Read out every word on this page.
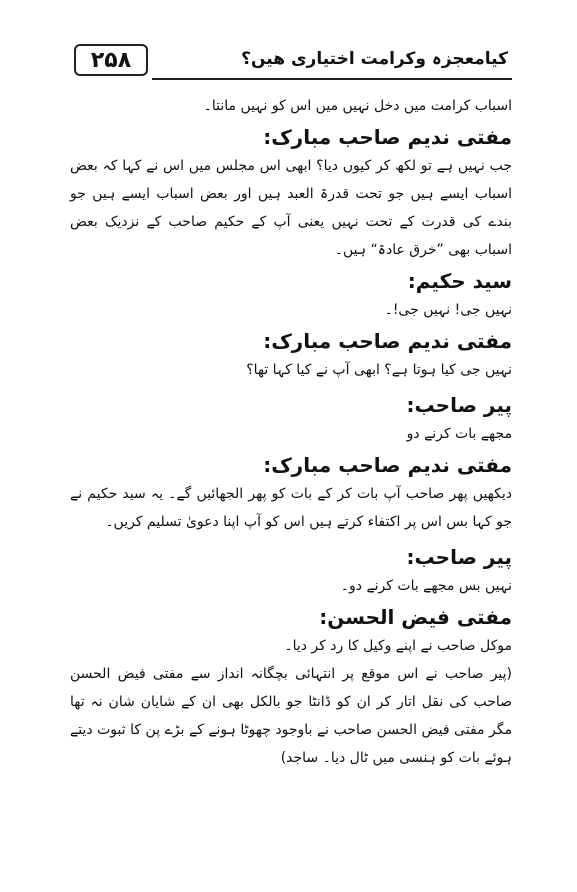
۲۵۸	کیامعجزہ وکرامت اختیاری ھیں؟

اسباب کرامت میں دخل نہیں میں اس کو نہیں مانتا۔

مفتی ندیم صاحب مبارک:

جب نہیں ہے تو لکھ کر کیوں دیا؟ ابھی اس مجلس میں اس نے کہا کہ بعض اسباب ایسے ہیں جو تحت قدرۃ العبد ہیں اور بعض اسباب ایسے ہیں جو بندے کی قدرت کے تحت نہیں یعنی آپ کے حکیم صاحب کے نزدیک بعض اسباب بھی ”خرق عادۃ“ ہیں۔

سید حکیم:

نہیں جی! نہیں جی!۔

مفتی ندیم صاحب مبارک:

نہیں جی کیا ہوتا ہے؟ ابھی آپ نے کیا کہا تھا؟

پیر صاحب:

مجھے بات کرنے دو

مفتی ندیم صاحب مبارک:

دیکھیں پھر صاحب آپ بات کر کے بات کو پھر الجھائیں گے۔ یہ سید حکیم نے جو کہا بس اس پر اکتفاء کرتے ہیں اس کو آپ اپنا دعویٰ تسلیم کریں۔

پیر صاحب:

نہیں بس مجھے بات کرنے دو۔

مفتی فیض الحسن:

موکل صاحب نے اپنے وکیل کا رد کر دیا۔

(پیر صاحب نے اس موقع پر انتہائی بچگانہ انداز سے مفتی فیض الحسن صاحب کی نقل اتار کر ان کو ڈانٹا جو بالکل بھی ان کے شایان شان نہ تھا مگر مفتی فیض الحسن صاحب نے باوجود چھوٹا ہونے کے بڑے پن کا ثبوت دیتے ہوئے بات کو ہنسی میں ٹال دیا۔ ساجد)
